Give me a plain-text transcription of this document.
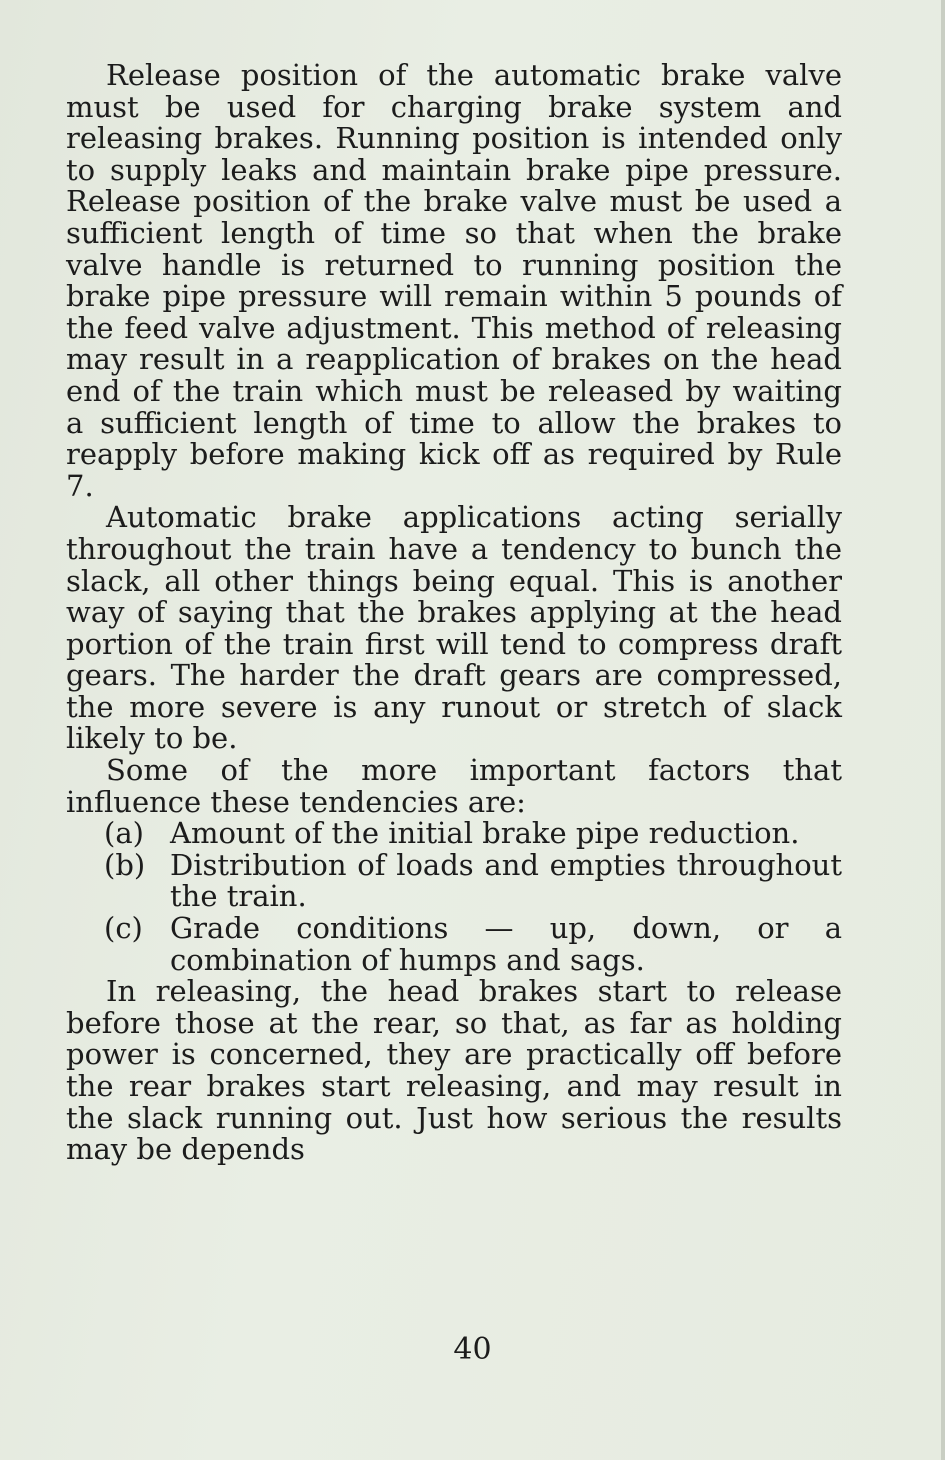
Release position of the automatic brake valve must be used for charging brake system and releasing brakes. Running position is intended only to supply leaks and maintain brake pipe pressure. Release position of the brake valve must be used a sufficient length of time so that when the brake valve handle is returned to running position the brake pipe pressure will remain within 5 pounds of the feed valve adjustment. This method of releasing may result in a reapplication of brakes on the head end of the train which must be released by waiting a sufficient length of time to allow the brakes to reapply before making kick off as required by Rule 7.

Automatic brake applications acting serially throughout the train have a tendency to bunch the slack, all other things being equal. This is another way of saying that the brakes applying at the head portion of the train first will tend to compress draft gears. The harder the draft gears are compressed, the more severe is any runout or stretch of slack likely to be.

Some of the more important factors that influence these tendencies are:

(a) Amount of the initial brake pipe reduction.

(b) Distribution of loads and empties throughout the train.

(c) Grade conditions — up, down, or a combination of humps and sags.

In releasing, the head brakes start to release before those at the rear, so that, as far as holding power is concerned, they are practically off before the rear brakes start releasing, and may result in the slack running out. Just how serious the results may be depends

40
